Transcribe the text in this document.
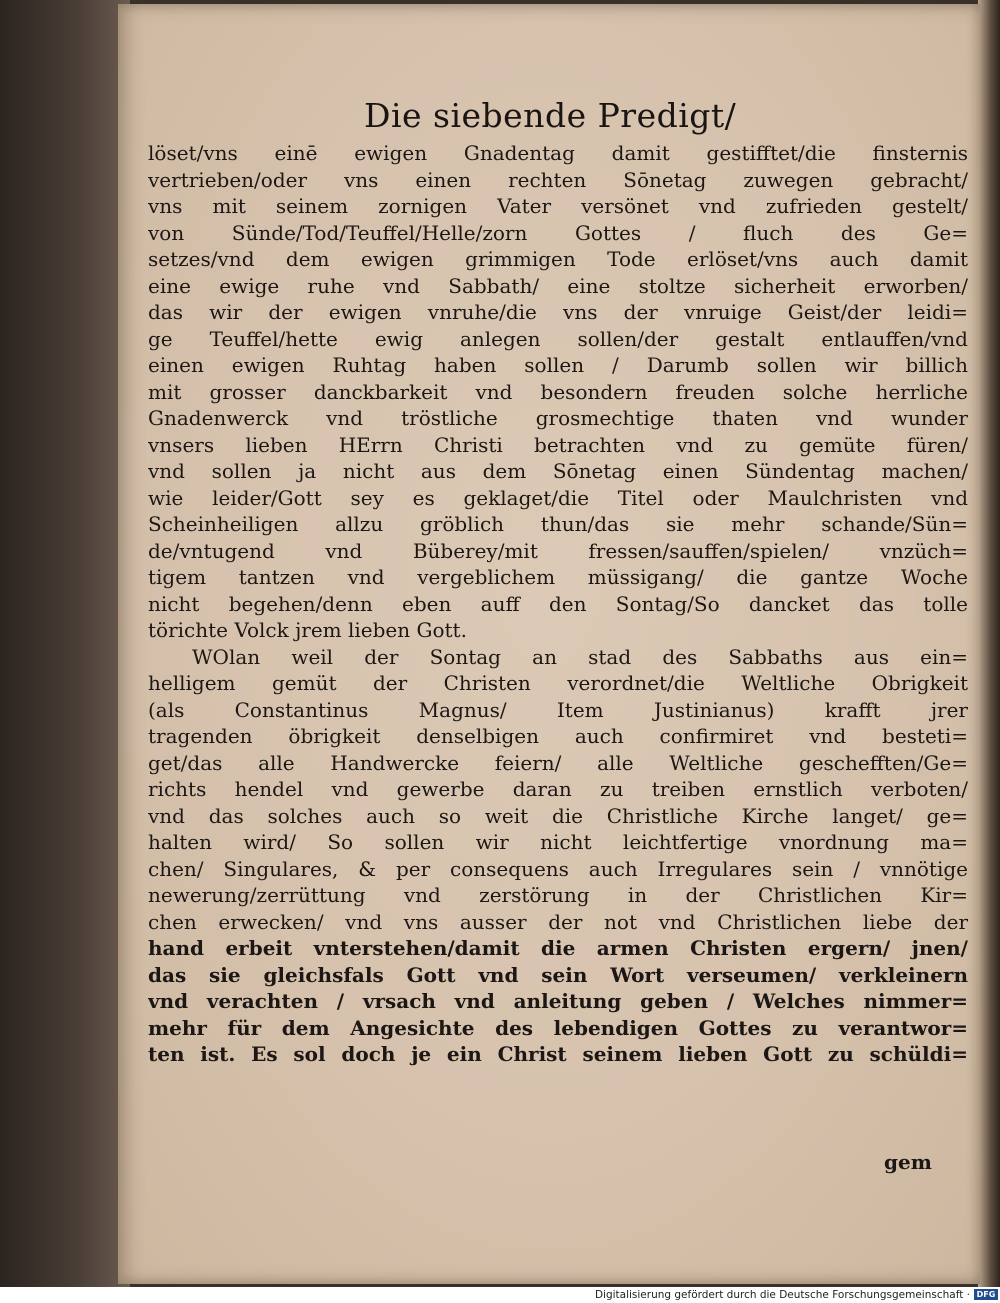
Die siebende Predigt/
löset/vns einē ewigen Gnadentag damit gestifftet/die finsternis
vertrieben/oder vns einen rechten Sōnetag zuwegen gebracht/
vns mit seinem zornigen Vater versönet vnd zufrieden gestelt/
von Sünde/Tod/Teuffel/Helle/zorn Gottes / fluch des Ge=
setzes/vnd dem ewigen grimmigen Tode erlöset/vns auch damit
eine ewige ruhe vnd Sabbath/ eine stoltze sicherheit erworben/
das wir der ewigen vnruhe/die vns der vnruige Geist/der leidi=
ge Teuffel/hette ewig anlegen sollen/der gestalt entlauffen/vnd
einen ewigen Ruhtag haben sollen / Darumb sollen wir billich
mit grosser danckbarkeit vnd besondern freuden solche herrliche
Gnadenwerck vnd tröstliche grosmechtige thaten vnd wunder
vnsers lieben HErrn Christi betrachten vnd zu gemüte füren/
vnd sollen ja nicht aus dem Sōnetag einen Sündentag machen/
wie leider/Gott sey es geklaget/die Titel oder Maulchristen vnd
Scheinheiligen allzu gröblich thun/das sie mehr schande/Sün=
de/vntugend vnd Büberey/mit fressen/sauffen/spielen/ vnzüch=
tigem tantzen vnd vergeblichem müssigang/ die gantze Woche
nicht begehen/denn eben auff den Sontag/So dancket das tolle
törichte Volck jrem lieben Gott.
WOlan weil der Sontag an stad des Sabbaths aus ein=
helligem gemüt der Christen verordnet/die Weltliche Obrigkeit
(als Constantinus Magnus/ Item Justinianus) krafft jrer
tragenden öbrigkeit denselbigen auch confirmiret vnd besteti=
get/das alle Handwercke feiern/ alle Weltliche geschefften/Ge=
richts hendel vnd gewerbe daran zu treiben ernstlich verboten/
vnd das solches auch so weit die Christliche Kirche langet/ ge=
halten wird/ So sollen wir nicht leichtfertige vnordnung ma=
chen/ Singulares, & per consequens auch Irregulares sein / vnnötige
newerung/zerrüttung vnd zerstörung in der Christlichen Kir=
chen erwecken/ vnd vns ausser der not vnd Christlichen liebe der
hand erbeit vnterstehen/damit die armen Christen ergern/ jnen/
das sie gleichsfals Gott vnd sein Wort verseumen/ verkleinern
vnd verachten / vrsach vnd anleitung geben / Welches nimmer=
mehr für dem Angesichte des lebendigen Gottes zu verantwor=
ten ist. Es sol doch je ein Christ seinem lieben Gott zu schüldi=
gem
Digitalisierung gefördert durch die Deutsche Forschungsgemeinschaft · DFG
